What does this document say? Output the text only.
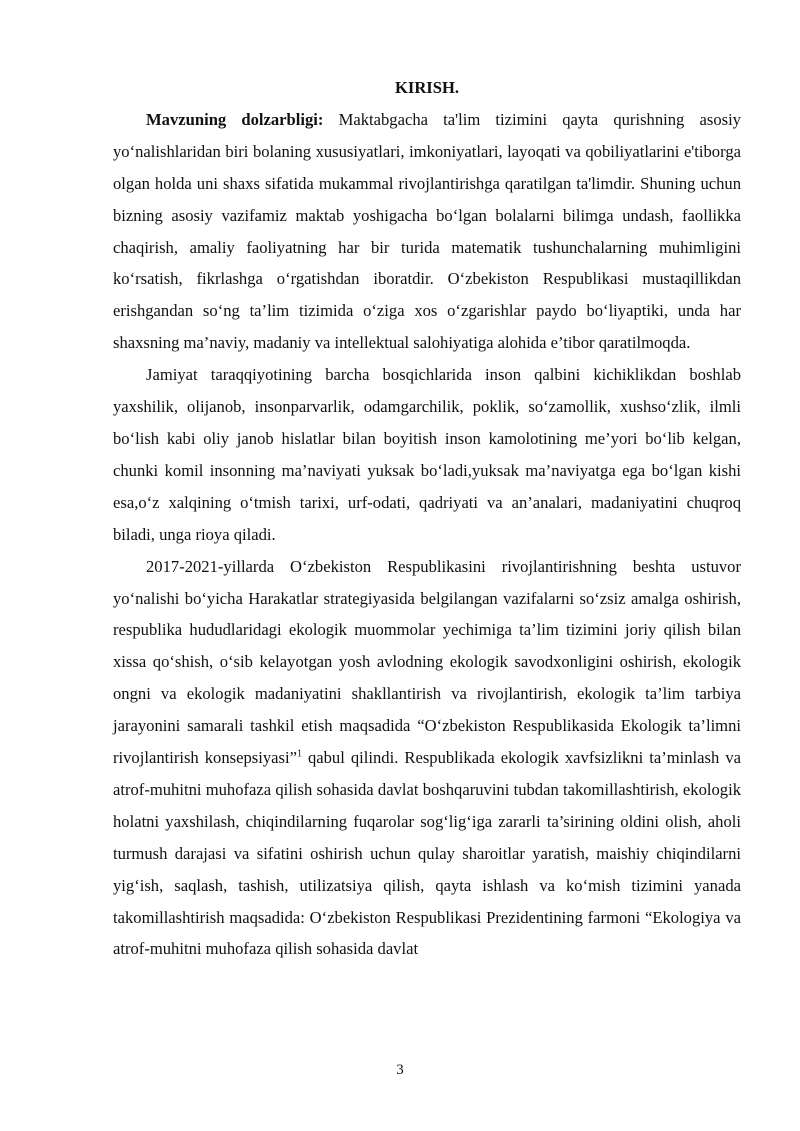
KIRISH.

Mavzuning dolzarbligi: Maktabgacha ta'lim tizimini qayta qurishning asosiy yo‘nalishlaridan biri bolaning xususiyatlari, imkoniyatlari, layoqati va qobiliyatlarini e'tiborga olgan holda uni shaxs sifatida mukammal rivojlantirishga qaratilgan ta'limdir. Shuning uchun bizning asosiy vazifamiz maktab yoshigacha bo‘lgan bolalarni bilimga undash, faollikka chaqirish, amaliy faoliyatning har bir turida matematik tushunchalarning muhimligini ko‘rsatish, fikrlashga o‘rgatishdan iboratdir. O‘zbekiston Respublikasi mustaqillikdan erishgandan so‘ng ta’lim tizimida o‘ziga xos o‘zgarishlar paydo bo‘liyaptiki, unda har shaxsning ma’naviy, madaniy va intellektual salohiyatiga alohida e’tibor qaratilmoqda.

Jamiyat taraqqiyotining barcha bosqichlarida inson qalbini kichiklikdan boshlab yaxshilik, olijanob, insonparvarlik, odamgarchilik, poklik, so‘zamollik, xushso‘zlik, ilmli bo‘lish kabi oliy janob hislatlar bilan boyitish inson kamolotining me’yori bo‘lib kelgan, chunki komil insonning ma’naviyati yuksak bo‘ladi,yuksak ma’naviyatga ega bo‘lgan kishi esa,o‘z xalqining o‘tmish tarixi, urf-odati, qadriyati va an’analari, madaniyatini chuqroq biladi, unga rioya qiladi.

2017-2021-yillarda O‘zbekiston Respublikasini rivojlantirishning beshta ustuvor yo‘nalishi bo‘yicha Harakatlar strategiyasida belgilangan vazifalarni so‘zsiz amalga oshirish, respublika hududlaridagi ekologik muommolar yechimiga ta’lim tizimini joriy qilish bilan xissa qo‘shish, o‘sib kelayotgan yosh avlodning ekologik savodxonligini oshirish, ekologik ongni va ekologik madaniyatini shakllantirish va rivojlantirish, ekologik ta’lim tarbiya jarayonini samarali tashkil etish maqsadida “O‘zbekiston Respublikasida Ekologik ta’limni rivojlantirish konsepsiyasi”$^1$ qabul qilindi. Respublikada ekologik xavfsizlikni ta’minlash va atrof-muhitni muhofaza qilish sohasida davlat boshqaruvini tubdan takomillashtirish, ekologik holatni yaxshilash, chiqindilarning fuqarolar sog‘lig‘iga zararli ta’sirining oldini olish, aholi turmush darajasi va sifatini oshirish uchun qulay sharoitlar yaratish, maishiy chiqindilarni yig‘ish, saqlash, tashish, utilizatsiya qilish, qayta ishlash va ko‘mish tizimini yanada takomillashtirish maqsadida: O‘zbekiston Respublikasi Prezidentining farmoni “Ekologiya va atrof-muhitni muhofaza qilish sohasida davlat

3
